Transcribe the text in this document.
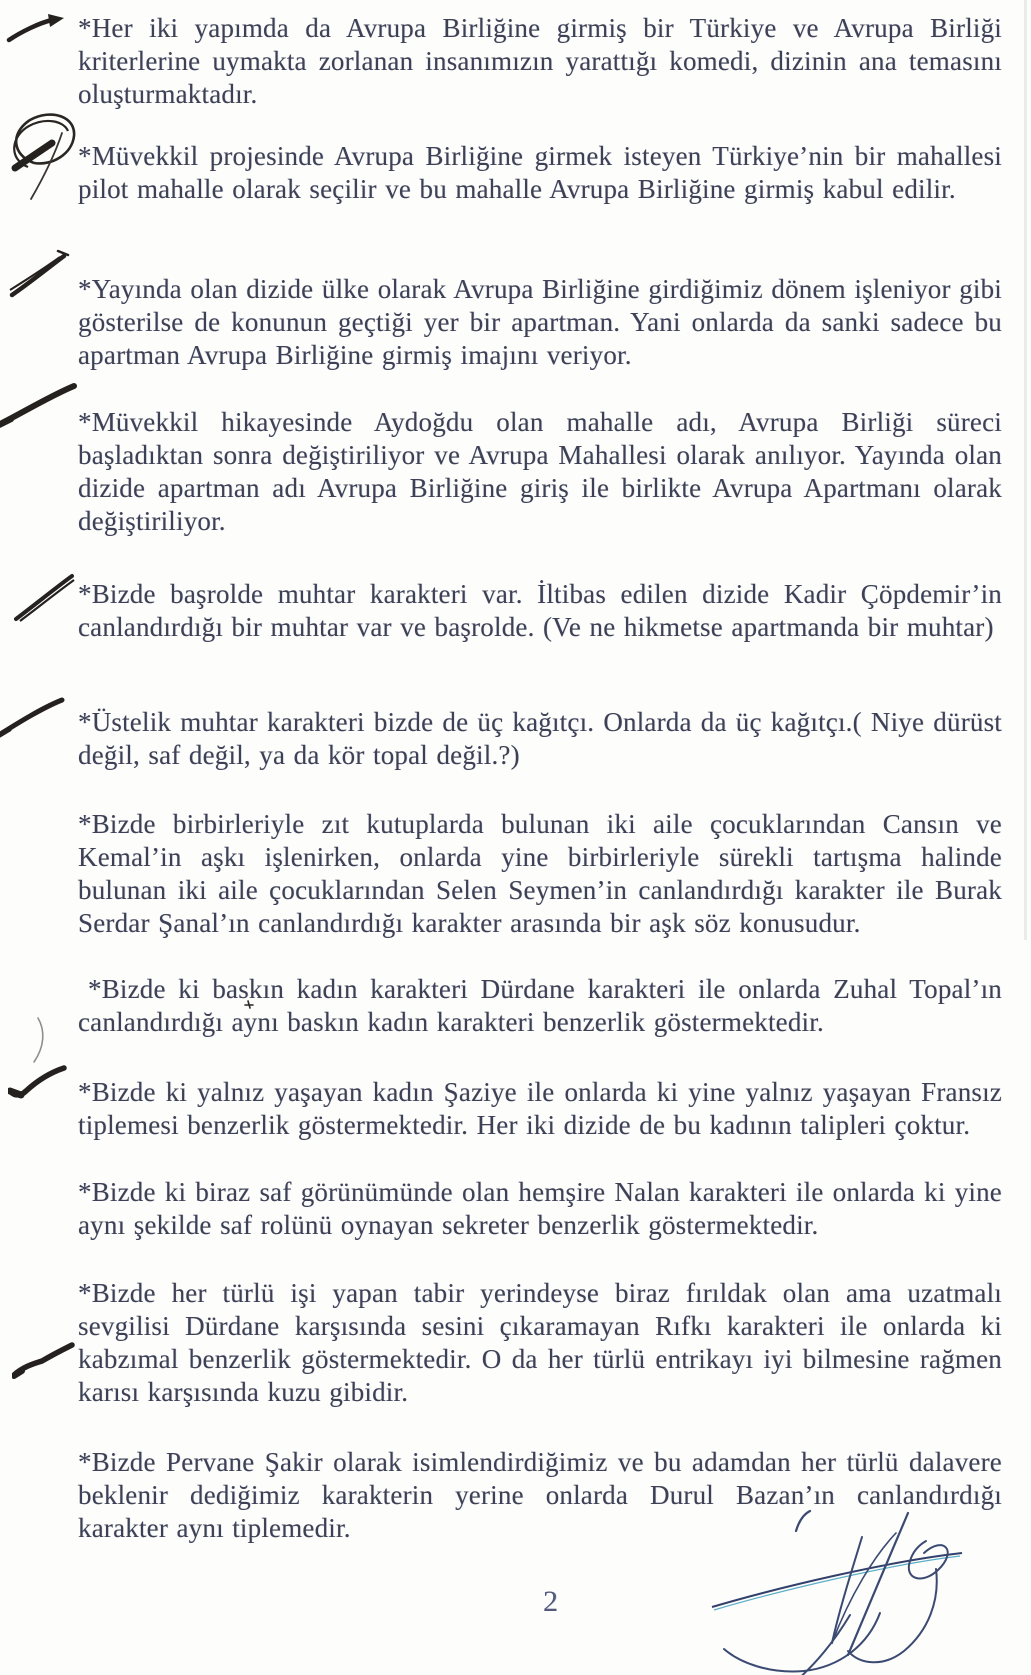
*Her iki yapımda da Avrupa Birliğine girmiş bir Türkiye ve Avrupa Birliği kriterlerine uymakta zorlanan insanımızın yarattığı komedi, dizinin ana temasını oluşturmaktadır.

*Müvekkil projesinde Avrupa Birliğine girmek isteyen Türkiye’nin bir mahallesi pilot mahalle olarak seçilir ve bu mahalle Avrupa Birliğine girmiş kabul edilir.

*Yayında olan dizide ülke olarak Avrupa Birliğine girdiğimiz dönem işleniyor gibi gösterilse de konunun geçtiği yer bir apartman. Yani onlarda da sanki sadece bu apartman Avrupa Birliğine girmiş imajını veriyor.

*Müvekkil hikayesinde Aydoğdu olan mahalle adı, Avrupa Birliği süreci başladıktan sonra değiştiriliyor ve Avrupa Mahallesi olarak anılıyor. Yayında olan dizide apartman adı Avrupa Birliğine giriş ile birlikte Avrupa Apartmanı olarak değiştiriliyor.

*Bizde başrolde muhtar karakteri var. İltibas edilen dizide Kadir Çöpdemir’in canlandırdığı bir muhtar var ve başrolde. (Ve ne hikmetse apartmanda bir muhtar)

*Üstelik muhtar karakteri bizde de üç kağıtçı. Onlarda da üç kağıtçı.( Niye dürüst değil, saf değil, ya da kör topal değil.?)

*Bizde birbirleriyle zıt kutuplarda bulunan iki aile çocuklarından Cansın ve Kemal’in aşkı işlenirken, onlarda yine birbirleriyle sürekli tartışma halinde bulunan iki aile çocuklarından Selen Seymen’in canlandırdığı karakter ile Burak Serdar Şanal’ın canlandırdığı karakter arasında bir aşk söz konusudur.

*Bizde ki baskın kadın karakteri Dürdane karakteri ile onlarda Zuhal Topal’ın canlandırdığı aynı baskın kadın karakteri benzerlik göstermektedir.

*Bizde ki yalnız yaşayan kadın Şaziye ile onlarda ki yine yalnız yaşayan Fransız tiplemesi benzerlik göstermektedir. Her iki dizide de bu kadının talipleri çoktur.

*Bizde ki biraz saf görünümünde olan hemşire Nalan karakteri ile onlarda ki yine aynı şekilde saf rolünü oynayan sekreter benzerlik göstermektedir.

*Bizde her türlü işi yapan tabir yerindeyse biraz fırıldak olan ama uzatmalı sevgilisi Dürdane karşısında sesini çıkaramayan Rıfkı karakteri ile onlarda ki kabzımal benzerlik göstermektedir. O da her türlü entrikayı iyi bilmesine rağmen karısı karşısında kuzu gibidir.

*Bizde Pervane Şakir olarak isimlendirdiğimiz ve bu adamdan her türlü dalavere beklenir dediğimiz karakterin yerine onlarda Durul Bazan’ın canlandırdığı karakter aynı tiplemedir.

2
